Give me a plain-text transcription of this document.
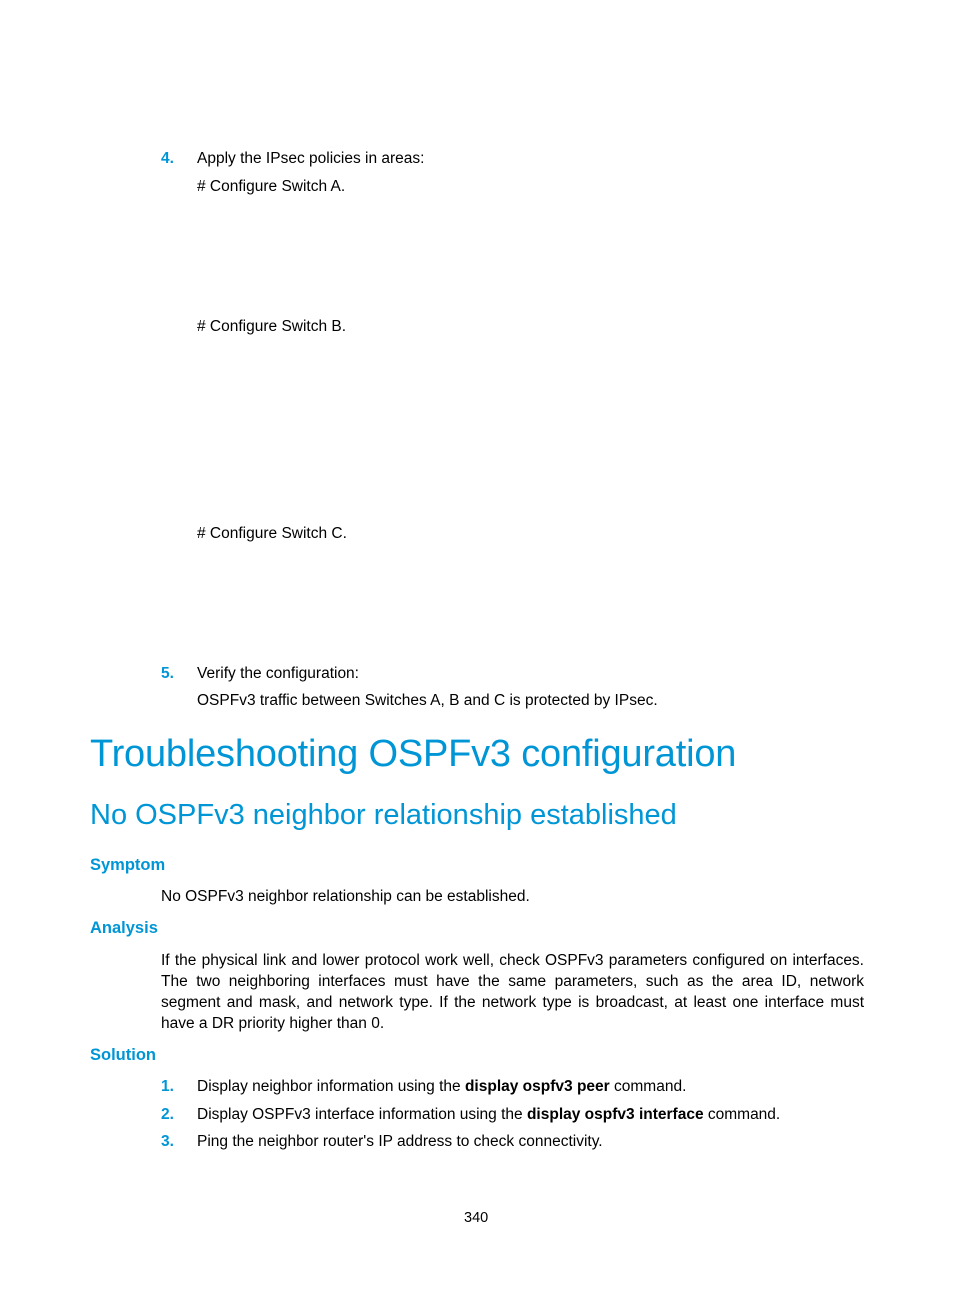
4. Apply the IPsec policies in areas:
# Configure Switch A.
# Configure Switch B.
# Configure Switch C.
5. Verify the configuration:
OSPFv3 traffic between Switches A, B and C is protected by IPsec.
Troubleshooting OSPFv3 configuration
No OSPFv3 neighbor relationship established
Symptom
No OSPFv3 neighbor relationship can be established.
Analysis
If the physical link and lower protocol work well, check OSPFv3 parameters configured on interfaces. The two neighboring interfaces must have the same parameters, such as the area ID, network segment and mask, and network type. If the network type is broadcast, at least one interface must have a DR priority higher than 0.
Solution
1. Display neighbor information using the display ospfv3 peer command.
2. Display OSPFv3 interface information using the display ospfv3 interface command.
3. Ping the neighbor router's IP address to check connectivity.
340
